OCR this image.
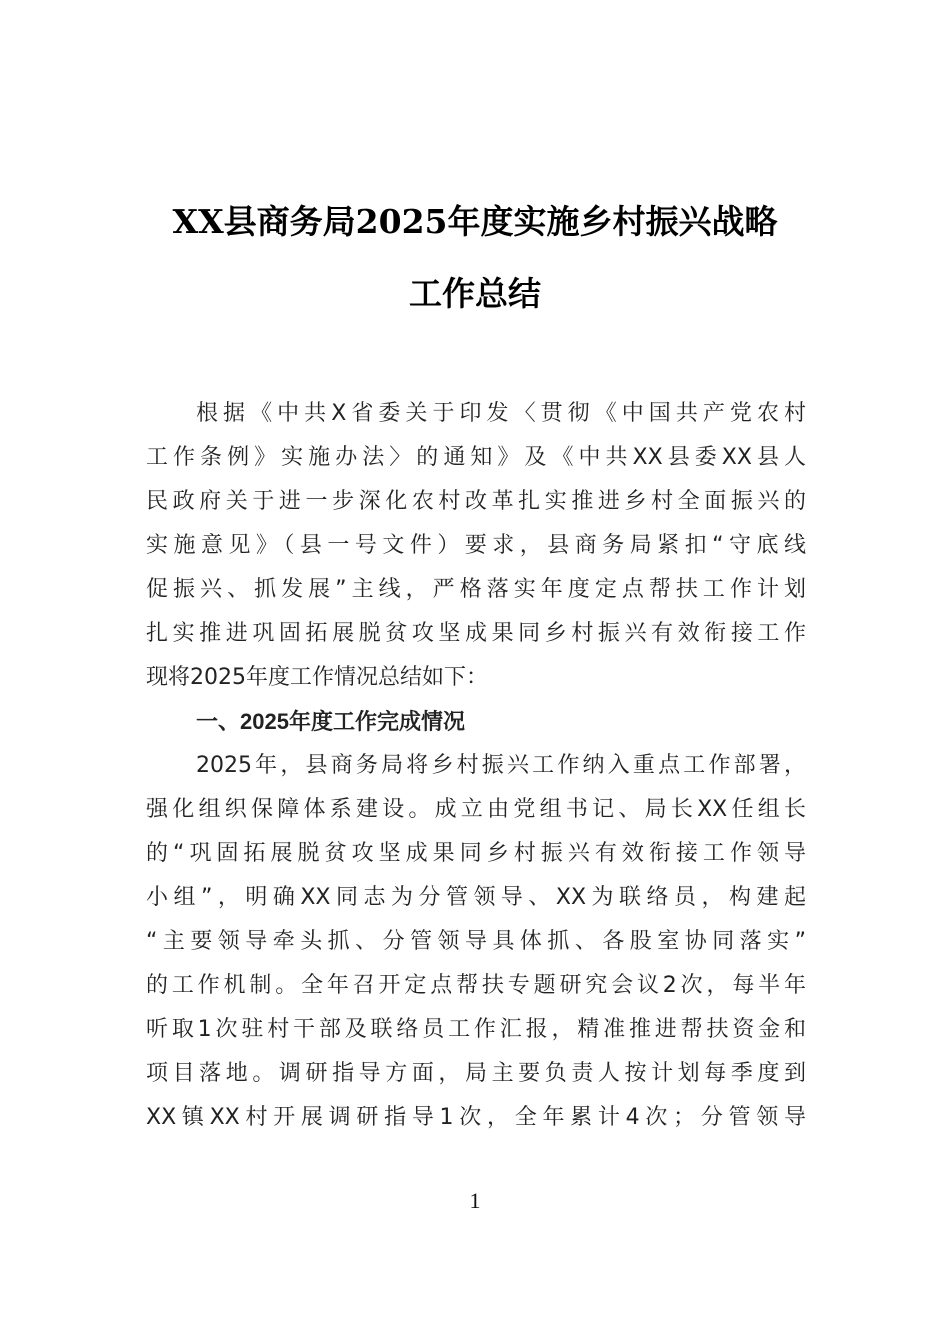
XX县商务局2025年度实施乡村振兴战略
工作总结
根据《中共X省委关于印发〈贯彻《中国共产党农村
工作条例》实施办法〉的通知》及《中共XX县委XX县人
民政府关于进一步深化农村改革扎实推进乡村全面振兴的
实施意见》（县一号文件）要求，县商务局紧扣“守底线
促振兴、抓发展”主线，严格落实年度定点帮扶工作计划
扎实推进巩固拓展脱贫攻坚成果同乡村振兴有效衔接工作
现将2025年度工作情况总结如下：
一、2025年度工作完成情况
2025年，县商务局将乡村振兴工作纳入重点工作部署，
强化组织保障体系建设。成立由党组书记、局长XX任组长
的“巩固拓展脱贫攻坚成果同乡村振兴有效衔接工作领导
小组”，明确XX同志为分管领导、XX为联络员，构建起
“主要领导牵头抓、分管领导具体抓、各股室协同落实”
的工作机制。全年召开定点帮扶专题研究会议2次，每半年
听取1次驻村干部及联络员工作汇报，精准推进帮扶资金和
项目落地。调研指导方面，局主要负责人按计划每季度到
XX镇XX村开展调研指导1次，全年累计4次；分管领导
1
